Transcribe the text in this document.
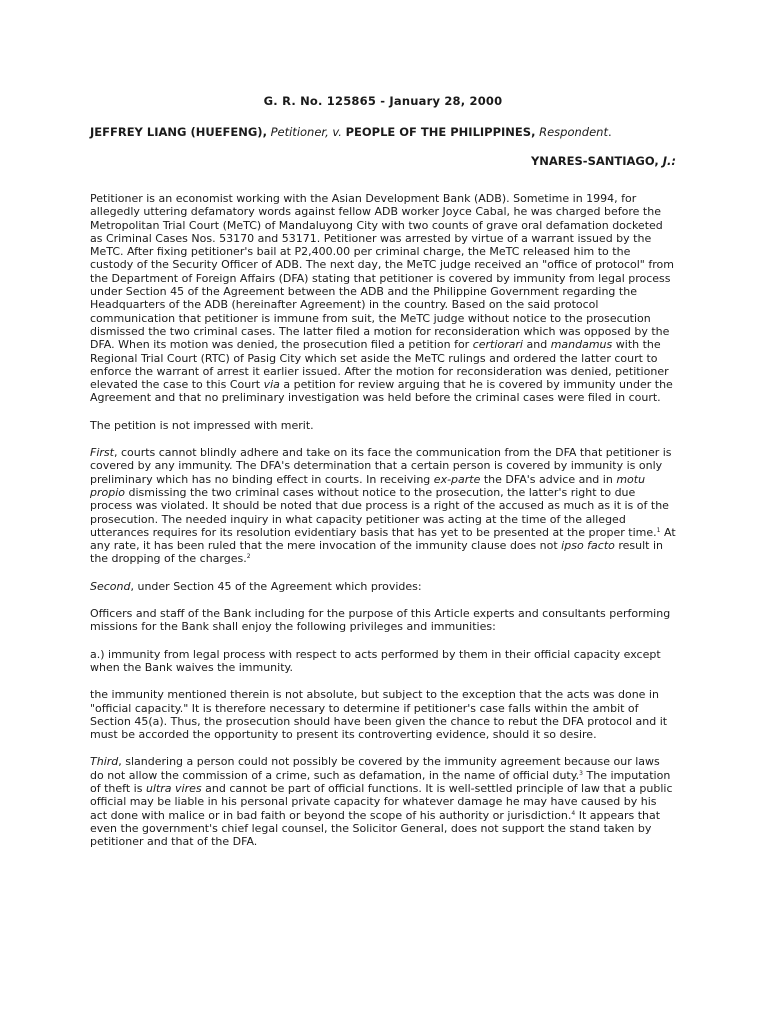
G. R. No. 125865 - January 28, 2000
JEFFREY LIANG (HUEFENG), Petitioner, v. PEOPLE OF THE PHILIPPINES, Respondent.
YNARES-SANTIAGO, J.:

Petitioner is an economist working with the Asian Development Bank (ADB). Sometime in 1994, for allegedly uttering defamatory words against fellow ADB worker Joyce Cabal, he was charged before the Metropolitan Trial Court (MeTC) of Mandaluyong City with two counts of grave oral defamation docketed as Criminal Cases Nos. 53170 and 53171. Petitioner was arrested by virtue of a warrant issued by the MeTC. After fixing petitioner's bail at P2,400.00 per criminal charge, the MeTC released him to the custody of the Security Officer of ADB. The next day, the MeTC judge received an "office of protocol" from the Department of Foreign Affairs (DFA) stating that petitioner is covered by immunity from legal process under Section 45 of the Agreement between the ADB and the Philippine Government regarding the Headquarters of the ADB (hereinafter Agreement) in the country. Based on the said protocol communication that petitioner is immune from suit, the MeTC judge without notice to the prosecution dismissed the two criminal cases. The latter filed a motion for reconsideration which was opposed by the DFA. When its motion was denied, the prosecution filed a petition for certiorari and mandamus with the Regional Trial Court (RTC) of Pasig City which set aside the MeTC rulings and ordered the latter court to enforce the warrant of arrest it earlier issued. After the motion for reconsideration was denied, petitioner elevated the case to this Court via a petition for review arguing that he is covered by immunity under the Agreement and that no preliminary investigation was held before the criminal cases were filed in court.

The petition is not impressed with merit.

First, courts cannot blindly adhere and take on its face the communication from the DFA that petitioner is covered by any immunity. The DFA's determination that a certain person is covered by immunity is only preliminary which has no binding effect in courts. In receiving ex-parte the DFA's advice and in motu propio dismissing the two criminal cases without notice to the prosecution, the latter's right to due process was violated. It should be noted that due process is a right of the accused as much as it is of the prosecution. The needed inquiry in what capacity petitioner was acting at the time of the alleged utterances requires for its resolution evidentiary basis that has yet to be presented at the proper time.$^1$ At any rate, it has been ruled that the mere invocation of the immunity clause does not ipso facto result in the dropping of the charges.$^2$

Second, under Section 45 of the Agreement which provides:

Officers and staff of the Bank including for the purpose of this Article experts and consultants performing missions for the Bank shall enjoy the following privileges and immunities:

a.) immunity from legal process with respect to acts performed by them in their official capacity except when the Bank waives the immunity.

the immunity mentioned therein is not absolute, but subject to the exception that the acts was done in "official capacity." It is therefore necessary to determine if petitioner's case falls within the ambit of Section 45(a). Thus, the prosecution should have been given the chance to rebut the DFA protocol and it must be accorded the opportunity to present its controverting evidence, should it so desire.

Third, slandering a person could not possibly be covered by the immunity agreement because our laws do not allow the commission of a crime, such as defamation, in the name of official duty.$^3$ The imputation of theft is ultra vires and cannot be part of official functions. It is well-settled principle of law that a public official may be liable in his personal private capacity for whatever damage he may have caused by his act done with malice or in bad faith or beyond the scope of his authority or jurisdiction.$^4$ It appears that even the government's chief legal counsel, the Solicitor General, does not support the stand taken by petitioner and that of the DFA.
